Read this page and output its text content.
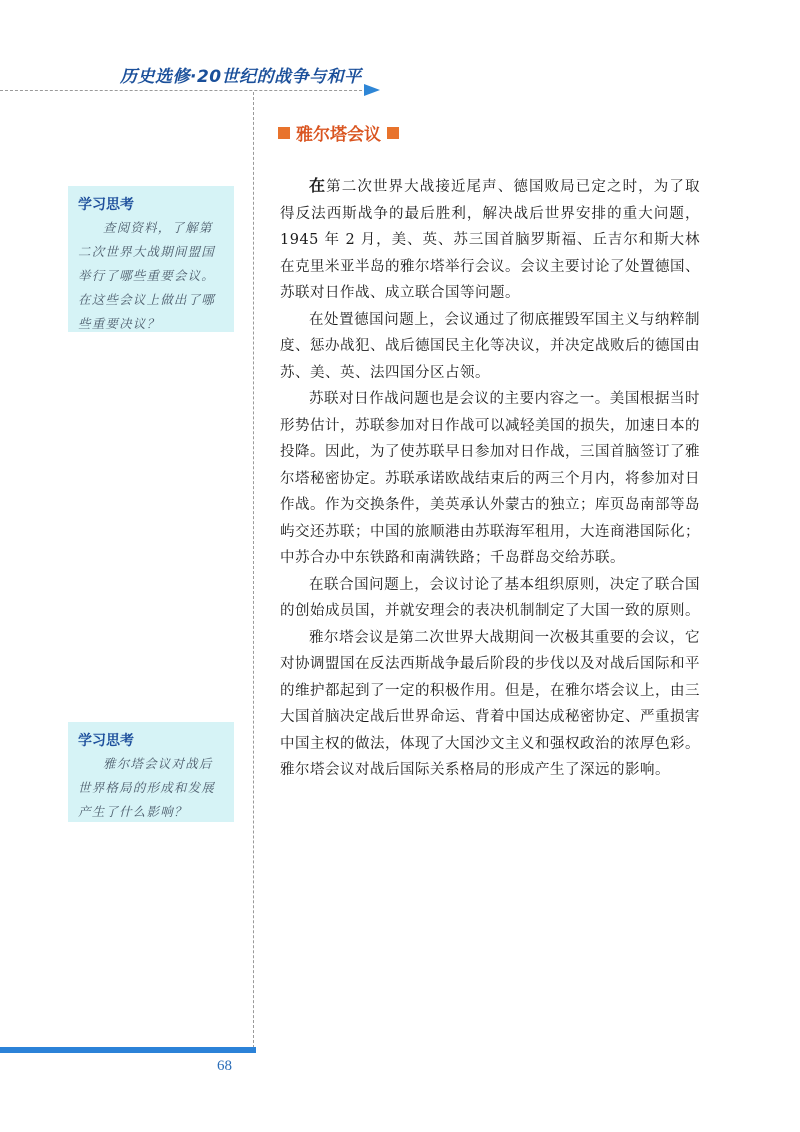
历史选修·20世纪的战争与和平
雅尔塔会议
学习思考
查阅资料，了解第二次世界大战期间盟国举行了哪些重要会议。在这些会议上做出了哪些重要决议？
学习思考
雅尔塔会议对战后世界格局的形成和发展产生了什么影响？

在第二次世界大战接近尾声、德国败局已定之时，为了取得反法西斯战争的最后胜利，解决战后世界安排的重大问题，1945 年 2 月，美、英、苏三国首脑罗斯福、丘吉尔和斯大林在克里米亚半岛的雅尔塔举行会议。会议主要讨论了处置德国、苏联对日作战、成立联合国等问题。

在处置德国问题上，会议通过了彻底摧毁军国主义与纳粹制度、惩办战犯、战后德国民主化等决议，并决定战败后的德国由苏、美、英、法四国分区占领。

苏联对日作战问题也是会议的主要内容之一。美国根据当时形势估计，苏联参加对日作战可以减轻美国的损失，加速日本的投降。因此，为了使苏联早日参加对日作战，三国首脑签订了雅尔塔秘密协定。苏联承诺欧战结束后的两三个月内，将参加对日作战。作为交换条件，美英承认外蒙古的独立；库页岛南部等岛屿交还苏联；中国的旅顺港由苏联海军租用，大连商港国际化；中苏合办中东铁路和南满铁路；千岛群岛交给苏联。

在联合国问题上，会议讨论了基本组织原则，决定了联合国的创始成员国，并就安理会的表决机制制定了大国一致的原则。

雅尔塔会议是第二次世界大战期间一次极其重要的会议，它对协调盟国在反法西斯战争最后阶段的步伐以及对战后国际和平的维护都起到了一定的积极作用。但是，在雅尔塔会议上，由三大国首脑决定战后世界命运、背着中国达成秘密协定、严重损害中国主权的做法，体现了大国沙文主义和强权政治的浓厚色彩。雅尔塔会议对战后国际关系格局的形成产生了深远的影响。

68
